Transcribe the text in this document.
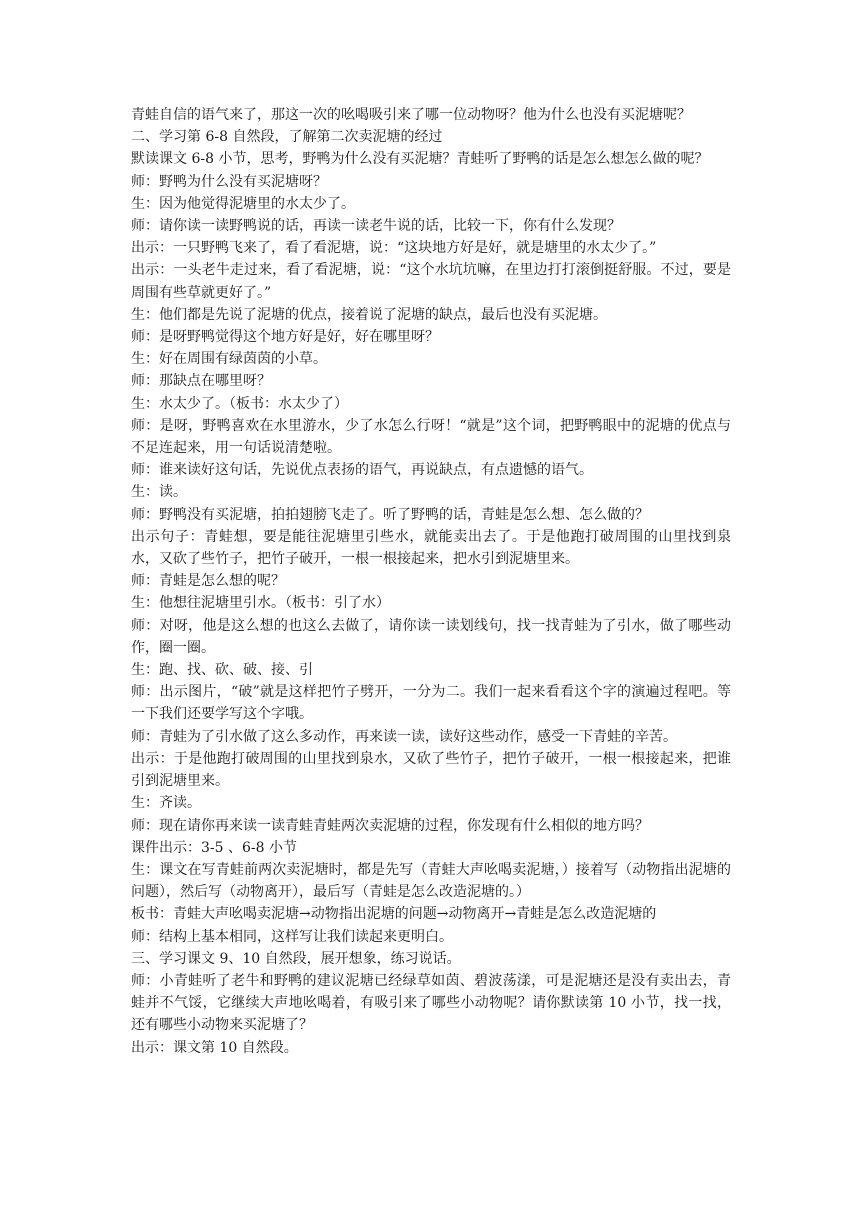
青蛙自信的语气来了，那这一次的吆喝吸引来了哪一位动物呀？他为什么也没有买泥塘呢？

二、学习第 6-8 自然段，了解第二次卖泥塘的经过

默读课文 6-8 小节，思考，野鸭为什么没有买泥塘？青蛙听了野鸭的话是怎么想怎么做的呢？

师：野鸭为什么没有买泥塘呀？

生：因为他觉得泥塘里的水太少了。

师：请你读一读野鸭说的话，再读一读老牛说的话，比较一下，你有什么发现？

出示：一只野鸭飞来了，看了看泥塘，说：“这块地方好是好，就是塘里的水太少了。”

出示：一头老牛走过来，看了看泥塘，说：“这个水坑坑嘛，在里边打打滚倒挺舒服。不过，要是周围有些草就更好了。”

生：他们都是先说了泥塘的优点，接着说了泥塘的缺点，最后也没有买泥塘。

师：是呀野鸭觉得这个地方好是好，好在哪里呀？

生：好在周围有绿茵茵的小草。

师：那缺点在哪里呀？

生：水太少了。（板书：水太少了）

师：是呀，野鸭喜欢在水里游水，少了水怎么行呀！“就是”这个词，把野鸭眼中的泥塘的优点与不足连起来，用一句话说清楚啦。

师：谁来读好这句话，先说优点表扬的语气，再说缺点，有点遗憾的语气。

生：读。

师：野鸭没有买泥塘，拍拍翅膀飞走了。听了野鸭的话，青蛙是怎么想、怎么做的？

出示句子：青蛙想，要是能往泥塘里引些水，就能卖出去了。于是他跑打破周围的山里找到泉水，又砍了些竹子，把竹子破开，一根一根接起来，把水引到泥塘里来。

师：青蛙是怎么想的呢？

生：他想往泥塘里引水。（板书：引了水）

师：对呀，他是这么想的也这么去做了，请你读一读划线句，找一找青蛙为了引水，做了哪些动作，圈一圈。

生：跑、找、砍、破、接、引

师：出示图片，“破”就是这样把竹子劈开，一分为二。我们一起来看看这个字的演遍过程吧。等一下我们还要学写这个字哦。

师：青蛙为了引水做了这么多动作，再来读一读，读好这些动作，感受一下青蛙的辛苦。

出示：于是他跑打破周围的山里找到泉水，又砍了些竹子，把竹子破开，一根一根接起来，把谁引到泥塘里来。

生：齐读。

师：现在请你再来读一读青蛙青蛙两次卖泥塘的过程，你发现有什么相似的地方吗？

课件出示：3-5 、6-8 小节

生：课文在写青蛙前两次卖泥塘时，都是先写（青蛙大声吆喝卖泥塘，）接着写（动物指出泥塘的问题），然后写（动物离开），最后写（青蛙是怎么改造泥塘的。）

板书：青蛙大声吆喝卖泥塘→动物指出泥塘的问题→动物离开→青蛙是怎么改造泥塘的

师：结构上基本相同，这样写让我们读起来更明白。

三、学习课文 9、10 自然段，展开想象，练习说话。

师：小青蛙听了老牛和野鸭的建议泥塘已经绿草如茵、碧波荡漾，可是泥塘还是没有卖出去，青蛙并不气馁，它继续大声地吆喝着，有吸引来了哪些小动物呢？请你默读第 10 小节，找一找，还有哪些小动物来买泥塘了？

出示：课文第 10 自然段。
